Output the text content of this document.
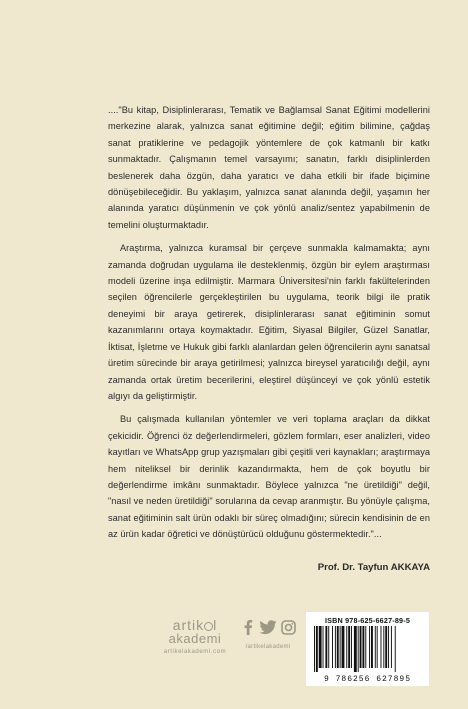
...."Bu kitap, Disiplinlerarası, Tematik ve Bağlamsal Sanat Eğitimi modellerini merkezine alarak, yalnızca sanat eğitimine değil; eğitim bilimine, çağdaş sanat pratiklerine ve pedagojik yöntemlere de çok katmanlı bir katkı sunmaktadır. Çalışmanın temel varsayımı; sanatın, farklı disiplinlerden beslenerek daha özgün, daha yaratıcı ve daha etkili bir ifade biçimine dönüşebileceğidir. Bu yaklaşım, yalnızca sanat alanında değil, yaşamın her alanında yaratıcı düşünmenin ve çok yönlü analiz/sentez yapabilmenin de temelini oluşturmaktadır.

Araştırma, yalnızca kuramsal bir çerçeve sunmakla kalmamakta; aynı zamanda doğrudan uygulama ile desteklenmiş, özgün bir eylem araştırması modeli üzerine inşa edilmiştir. Marmara Üniversitesi'nin farklı fakültelerinden seçilen öğrencilerle gerçekleştirilen bu uygulama, teorik bilgi ile pratik deneyimi bir araya getirerek, disiplinlerarası sanat eğitiminin somut kazanımlarını ortaya koymaktadır. Eğitim, Siyasal Bilgiler, Güzel Sanatlar, İktisat, İşletme ve Hukuk gibi farklı alanlardan gelen öğrencilerin aynı sanatsal üretim sürecinde bir araya getirilmesi; yalnızca bireysel yaratıcılığı değil, aynı zamanda ortak üretim becerilerini, eleştirel düşünceyi ve çok yönlü estetik algıyı da geliştirmiştir.

Bu çalışmada kullanılan yöntemler ve veri toplama araçları da dikkat çekicidir. Öğrenci öz değerlendirmeleri, gözlem formları, eser analizleri, video kayıtları ve WhatsApp grup yazışmaları gibi çeşitli veri kaynakları; araştırmaya hem niteliksel bir derinlik kazandırmakta, hem de çok boyutlu bir değerlendirme imkânı sunmaktadır. Böylece yalnızca "ne üretildiği" değil, "nasıl ve neden üretildiği" sorularına da cevap aranmıştır. Bu yönüyle çalışma, sanat eğitiminin salt ürün odaklı bir süreç olmadığını; sürecin kendisinin de en az ürün kadar öğretici ve dönüştürücü olduğunu göstermektedir."...

Prof. Dr. Tayfun AKKAYA
artik l
akademi
artikelakademi.com
/artikelakademi
ISBN 978-625-6627-89-5
9 786256 627895
